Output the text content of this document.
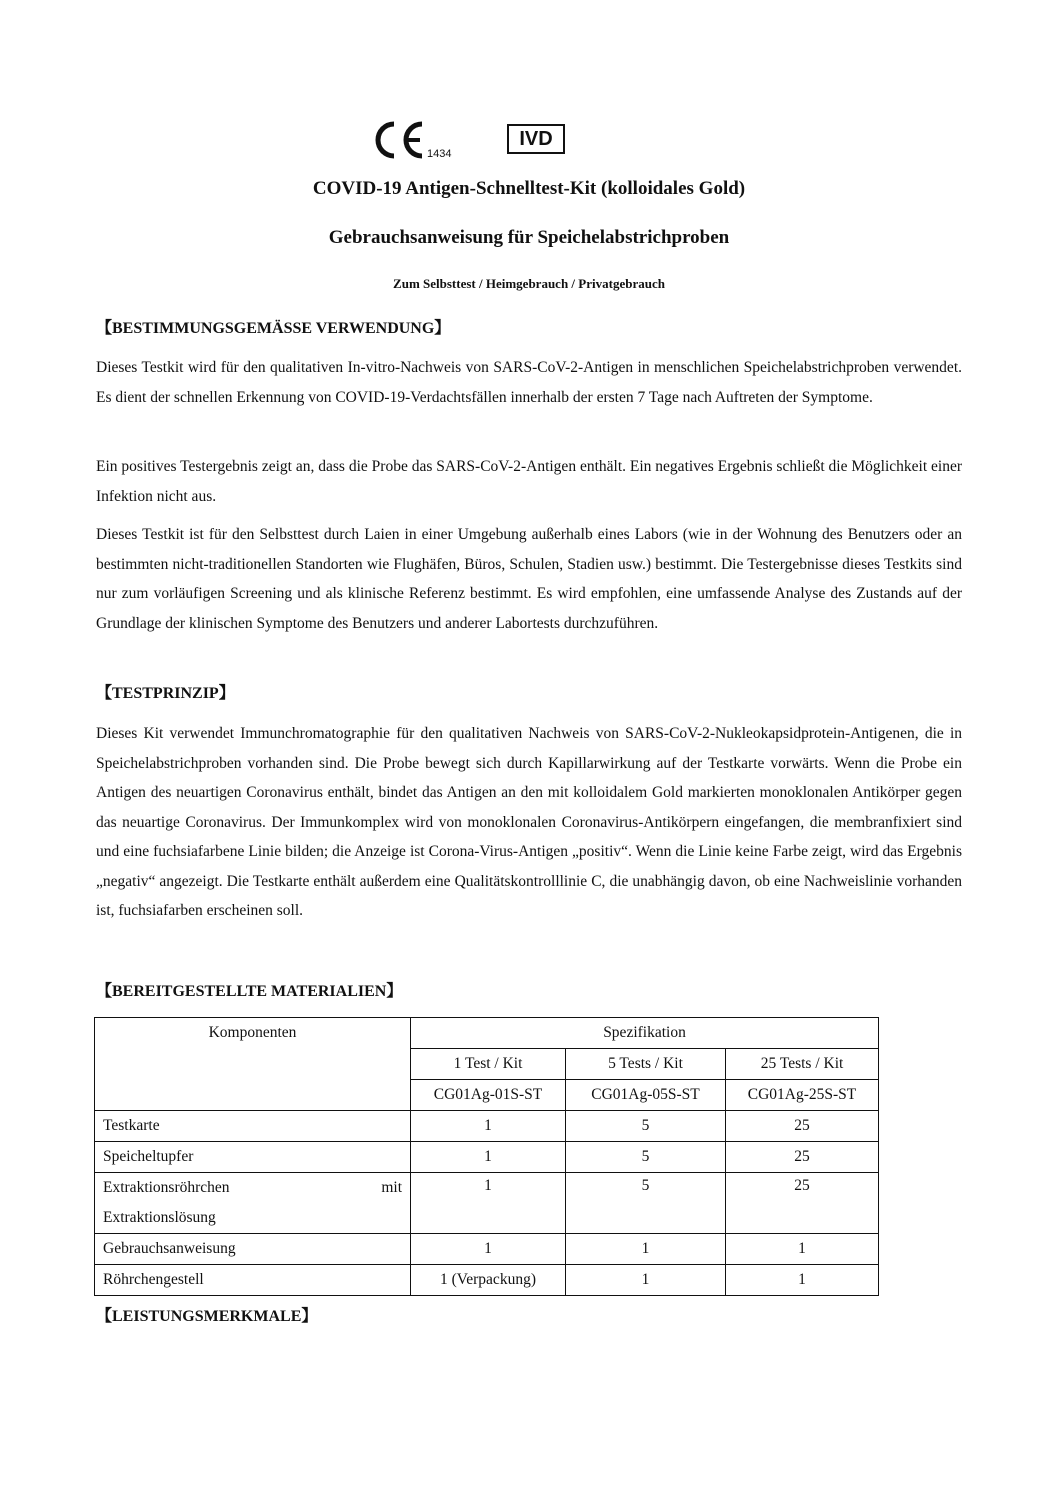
1434
IVD
COVID-19 Antigen-Schnelltest-Kit (kolloidales Gold)
Gebrauchsanweisung für Speichelabstrichproben
Zum Selbsttest / Heimgebrauch / Privatgebrauch
【BESTIMMUNGSGEMÄSSE VERWENDUNG】

Dieses Testkit wird für den qualitativen In-vitro-Nachweis von SARS-CoV-2-Antigen in menschlichen Speichelabstrichproben verwendet. Es dient der schnellen Erkennung von COVID-19-Verdachtsfällen innerhalb der ersten 7 Tage nach Auftreten der Symptome.

Ein positives Testergebnis zeigt an, dass die Probe das SARS-CoV-2-Antigen enthält. Ein negatives Ergebnis schließt die Möglichkeit einer Infektion nicht aus.

Dieses Testkit ist für den Selbsttest durch Laien in einer Umgebung außerhalb eines Labors (wie in der Wohnung des Benutzers oder an bestimmten nicht-traditionellen Standorten wie Flughäfen, Büros, Schulen, Stadien usw.) bestimmt. Die Testergebnisse dieses Testkits sind nur zum vorläufigen Screening und als klinische Referenz bestimmt. Es wird empfohlen, eine umfassende Analyse des Zustands auf der Grundlage der klinischen Symptome des Benutzers und anderer Labortests durchzuführen.

【TESTPRINZIP】

Dieses Kit verwendet Immunchromatographie für den qualitativen Nachweis von SARS-CoV-2-Nukleokapsidprotein-Antigenen, die in Speichelabstrichproben vorhanden sind. Die Probe bewegt sich durch Kapillarwirkung auf der Testkarte vorwärts. Wenn die Probe ein Antigen des neuartigen Coronavirus enthält, bindet das Antigen an den mit kolloidalem Gold markierten monoklonalen Antikörper gegen das neuartige Coronavirus. Der Immunkomplex wird von monoklonalen Coronavirus-Antikörpern eingefangen, die membranfixiert sind und eine fuchsiafarbene Linie bilden; die Anzeige ist Corona-Virus-Antigen „positiv“. Wenn die Linie keine Farbe zeigt, wird das Ergebnis „negativ“ angezeigt. Die Testkarte enthält außerdem eine Qualitätskontrolllinie C, die unabhängig davon, ob eine Nachweislinie vorhanden ist, fuchsiafarben erscheinen soll.

【BEREITGESTELLTE MATERIALIEN】
Komponenten	Spezifikation		
	1 Test / Kit	5 Tests / Kit	25 Tests / Kit
	CG01Ag-01S-ST	CG01Ag-05S-ST	CG01Ag-25S-ST
Testkarte	1	5	25
Speicheltupfer	1	5	25

Extraktionsröhrchen mit
Extraktionslösung	1	5	25
Gebrauchsanweisung	1	1	1
Röhrchengestell	1 (Verpackung)	1	1
【LEISTUNGSMERKMALE】
